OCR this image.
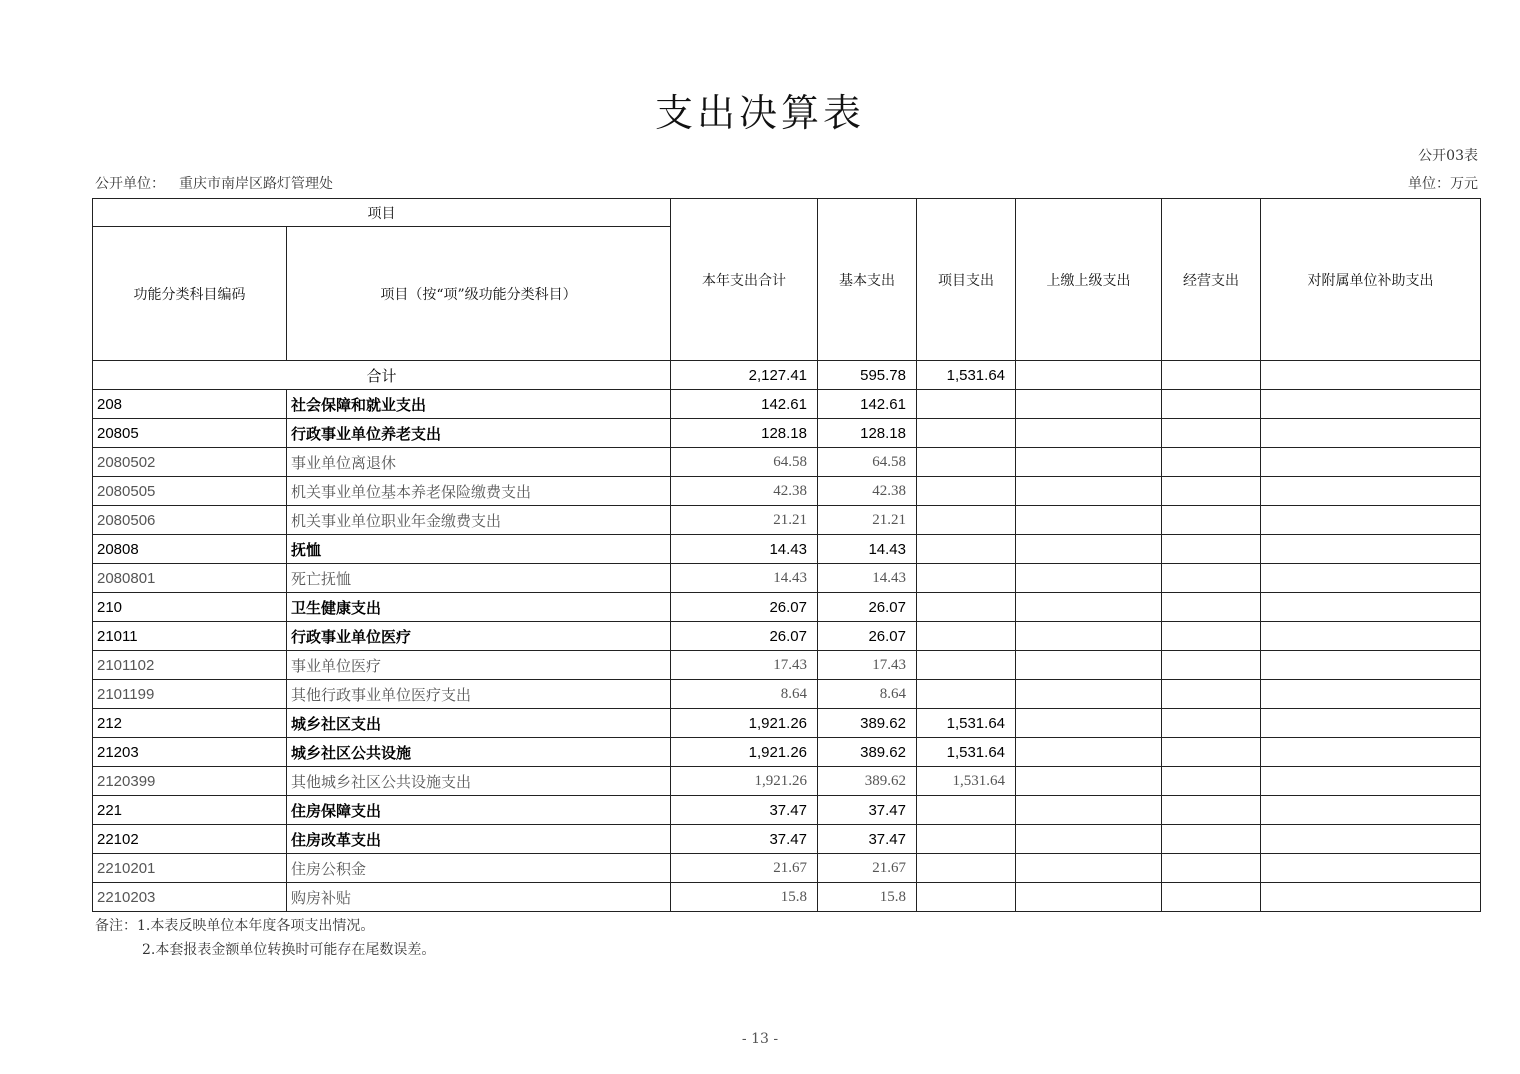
支出决算表
公开03表
公开单位： 重庆市南岸区路灯管理处	单位：万元
项目		本年支出合计	基本支出	项目支出	上缴上级支出	经营支出	对附属单位补助支出
功能分类科目编码	项目（按“项”级功能分类科目）						
合计		2,127.41	595.78	1,531.64			
208	社会保障和就业支出	142.61	142.61				
20805	行政事业单位养老支出	128.18	128.18				
2080502	事业单位离退休	64.58	64.58				
2080505	机关事业单位基本养老保险缴费支出	42.38	42.38				
2080506	机关事业单位职业年金缴费支出	21.21	21.21				
20808	抚恤	14.43	14.43				
2080801	死亡抚恤	14.43	14.43				
210	卫生健康支出	26.07	26.07				
21011	行政事业单位医疗	26.07	26.07				
2101102	事业单位医疗	17.43	17.43				
2101199	其他行政事业单位医疗支出	8.64	8.64				
212	城乡社区支出	1,921.26	389.62	1,531.64			
21203	城乡社区公共设施	1,921.26	389.62	1,531.64			
2120399	其他城乡社区公共设施支出	1,921.26	389.62	1,531.64			
221	住房保障支出	37.47	37.47				
22102	住房改革支出	37.47	37.47				
2210201	住房公积金	21.67	21.67				
2210203	购房补贴	15.8	15.8				
备注：1.本表反映单位本年度各项支出情况。
2.本套报表金额单位转换时可能存在尾数误差。
- 13 -
